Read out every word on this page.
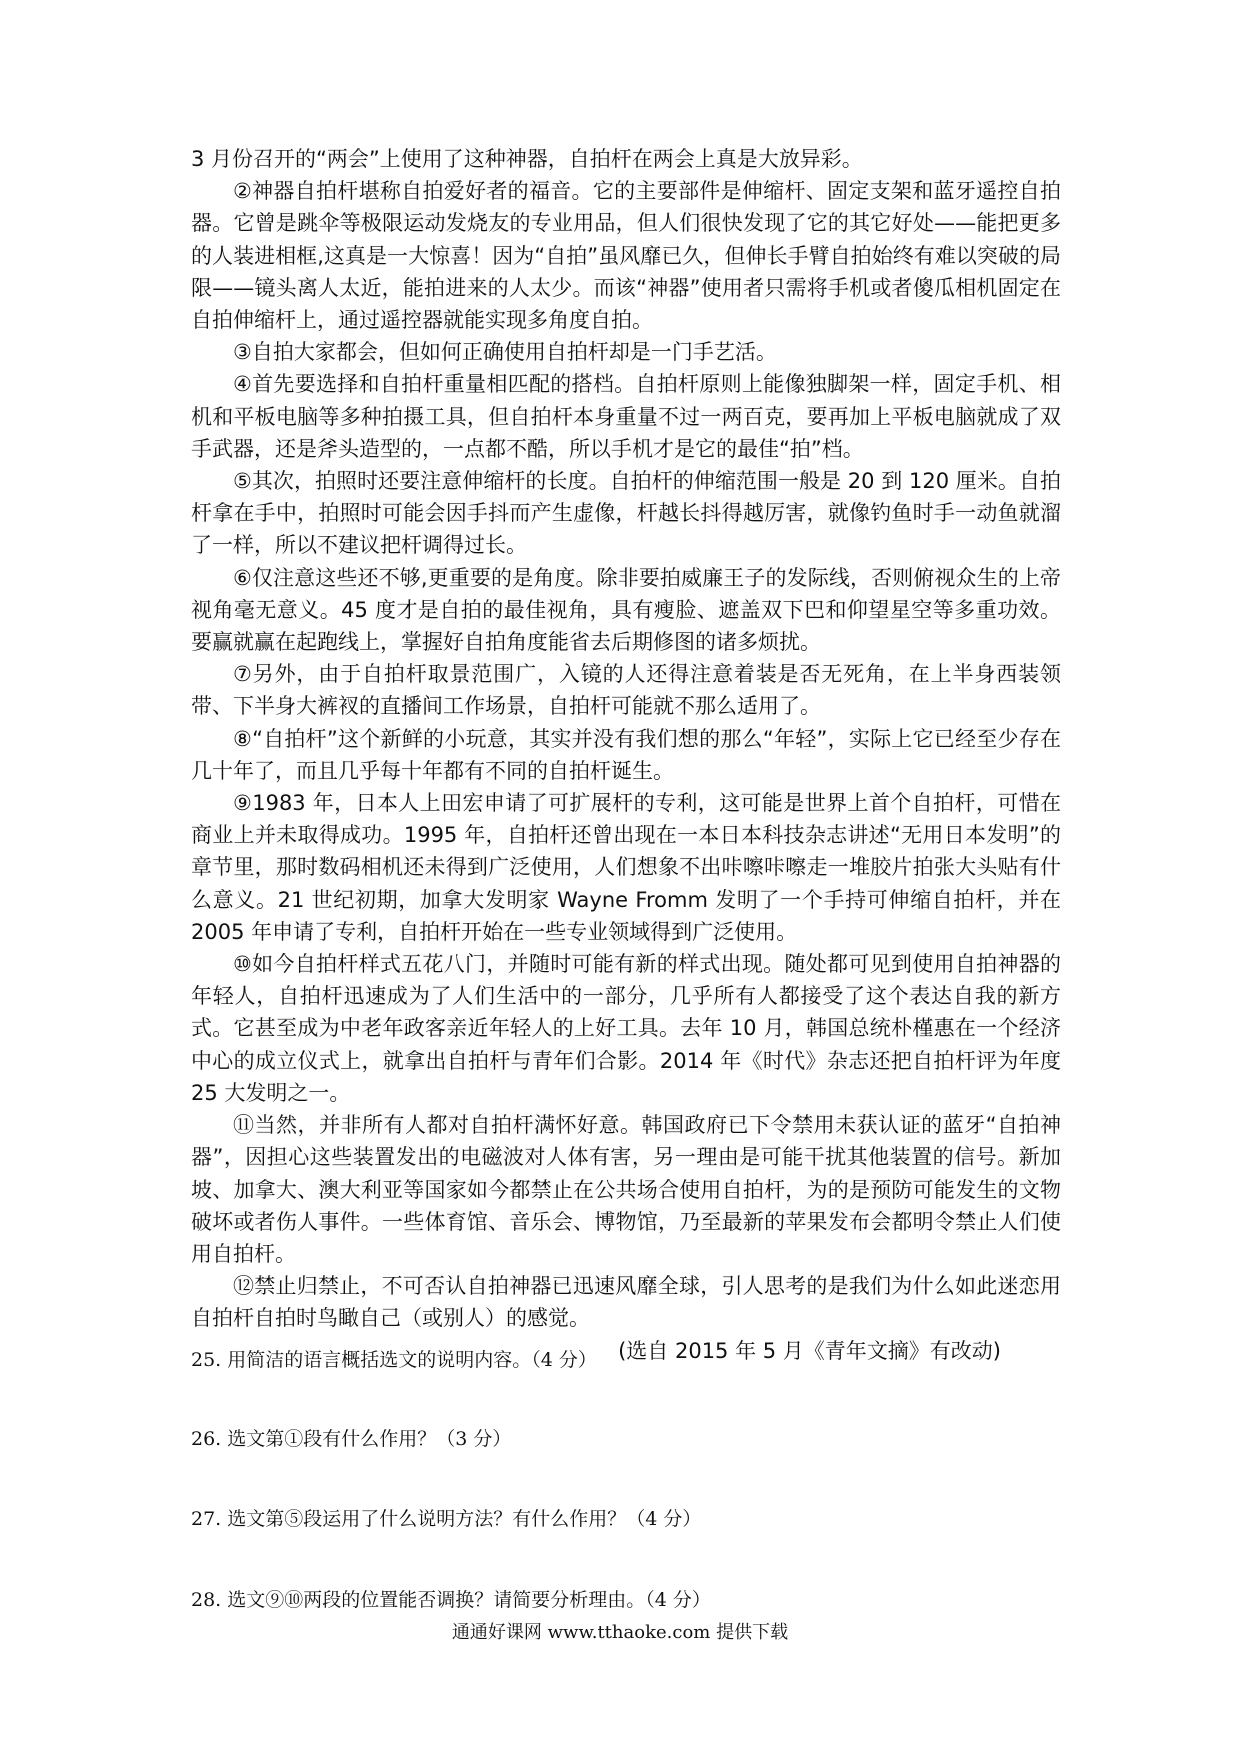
3 月份召开的“两会”上使用了这种神器，自拍杆在两会上真是大放异彩。

②神器自拍杆堪称自拍爱好者的福音。它的主要部件是伸缩杆、固定支架和蓝牙遥控自拍器。它曾是跳伞等极限运动发烧友的专业用品，但人们很快发现了它的其它好处——能把更多的人装进相框,这真是一大惊喜！因为“自拍”虽风靡已久，但伸长手臂自拍始终有难以突破的局限——镜头离人太近，能拍进来的人太少。而该“神器”使用者只需将手机或者傻瓜相机固定在自拍伸缩杆上，通过遥控器就能实现多角度自拍。

③自拍大家都会，但如何正确使用自拍杆却是一门手艺活。

④首先要选择和自拍杆重量相匹配的搭档。自拍杆原则上能像独脚架一样，固定手机、相机和平板电脑等多种拍摄工具，但自拍杆本身重量不过一两百克，要再加上平板电脑就成了双手武器，还是斧头造型的，一点都不酷，所以手机才是它的最佳“拍”档。

⑤其次，拍照时还要注意伸缩杆的长度。自拍杆的伸缩范围一般是 20 到 120 厘米。自拍杆拿在手中，拍照时可能会因手抖而产生虚像，杆越长抖得越厉害，就像钓鱼时手一动鱼就溜了一样，所以不建议把杆调得过长。

⑥仅注意这些还不够,更重要的是角度。除非要拍威廉王子的发际线，否则俯视众生的上帝视角毫无意义。45 度才是自拍的最佳视角，具有瘦脸、遮盖双下巴和仰望星空等多重功效。要赢就赢在起跑线上，掌握好自拍角度能省去后期修图的诸多烦扰。

⑦另外，由于自拍杆取景范围广，入镜的人还得注意着装是否无死角，在上半身西装领带、下半身大裤衩的直播间工作场景，自拍杆可能就不那么适用了。

⑧“自拍杆”这个新鲜的小玩意，其实并没有我们想的那么“年轻”，实际上它已经至少存在几十年了，而且几乎每十年都有不同的自拍杆诞生。

⑨1983 年，日本人上田宏申请了可扩展杆的专利，这可能是世界上首个自拍杆，可惜在商业上并未取得成功。1995 年，自拍杆还曾出现在一本日本科技杂志讲述“无用日本发明”的章节里，那时数码相机还未得到广泛使用，人们想象不出咔嚓咔嚓走一堆胶片拍张大头贴有什么意义。21 世纪初期，加拿大发明家 Wayne Fromm 发明了一个手持可伸缩自拍杆，并在 2005 年申请了专利，自拍杆开始在一些专业领域得到广泛使用。

⑩如今自拍杆样式五花八门，并随时可能有新的样式出现。随处都可见到使用自拍神器的年轻人，自拍杆迅速成为了人们生活中的一部分，几乎所有人都接受了这个表达自我的新方式。它甚至成为中老年政客亲近年轻人的上好工具。去年 10 月，韩国总统朴槿惠在一个经济中心的成立仪式上，就拿出自拍杆与青年们合影。2014 年《时代》杂志还把自拍杆评为年度 25 大发明之一。

⑪当然，并非所有人都对自拍杆满怀好意。韩国政府已下令禁用未获认证的蓝牙“自拍神器”，因担心这些装置发出的电磁波对人体有害，另一理由是可能干扰其他装置的信号。新加坡、加拿大、澳大利亚等国家如今都禁止在公共场合使用自拍杆，为的是预防可能发生的文物破坏或者伤人事件。一些体育馆、音乐会、博物馆，乃至最新的苹果发布会都明令禁止人们使用自拍杆。

⑫禁止归禁止，不可否认自拍神器已迅速风靡全球，引人思考的是我们为什么如此迷恋用自拍杆自拍时鸟瞰自己（或别人）的感觉。

(选自 2015 年 5 月《青年文摘》有改动)

25. 用简洁的语言概括选文的说明内容。（4 分）

26. 选文第①段有什么作用？（3 分）

27. 选文第⑤段运用了什么说明方法？有什么作用？（4 分）

28. 选文⑨⑩两段的位置能否调换？请简要分析理由。（4 分）

通通好课网 www.tthaoke.com 提供下载
